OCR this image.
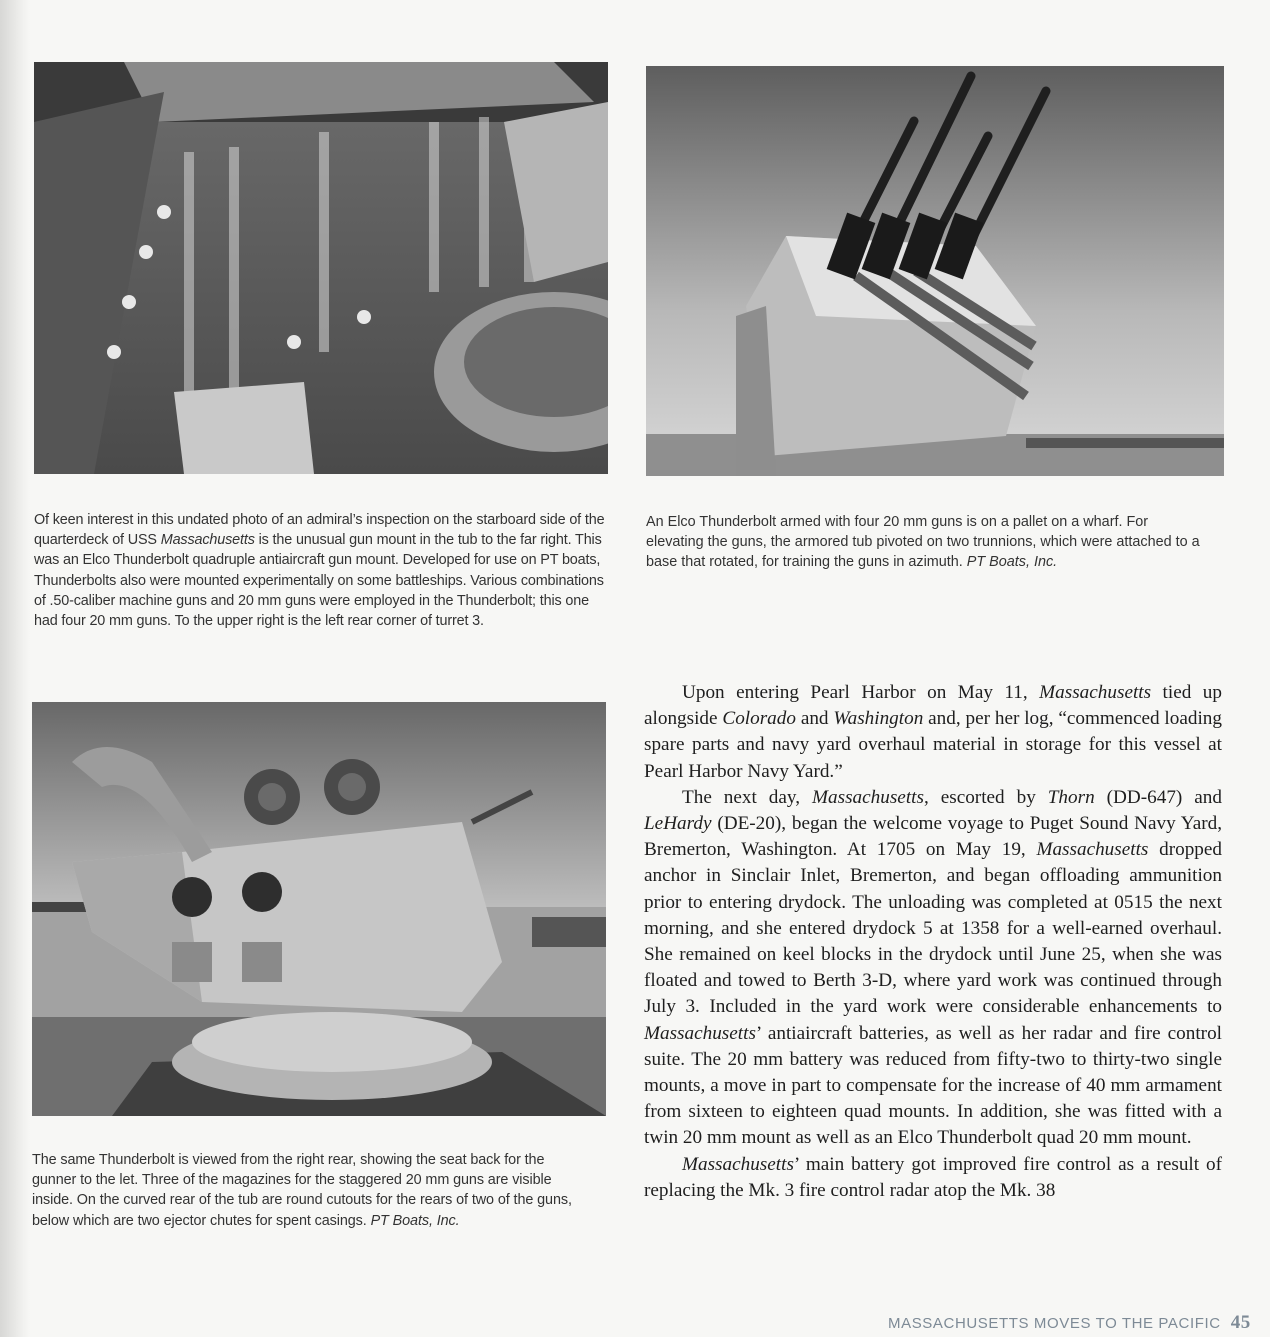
Of keen interest in this undated photo of an admiral’s inspection on the starboard side of the quarterdeck of USS Massachusetts is the unusual gun mount in the tub to the far right. This was an Elco Thunderbolt quadruple antiaircraft gun mount. Developed for use on PT boats, Thunderbolts also were mounted experimentally on some battleships. Various combinations of .50-caliber machine guns and 20 mm guns were employed in the Thunderbolt; this one had four 20 mm guns. To the upper right is the left rear corner of turret 3.

An Elco Thunderbolt armed with four 20 mm guns is on a pallet on a wharf. For elevating the guns, the armored tub pivoted on two trunnions, which were attached to a base that rotated, for training the guns in azimuth. PT Boats, Inc.

The same Thunderbolt is viewed from the right rear, showing the seat back for the gunner to the let. Three of the magazines for the staggered 20 mm guns are visible inside. On the curved rear of the tub are round cutouts for the rears of two of the guns, below which are two ejector chutes for spent casings. PT Boats, Inc.

Upon entering Pearl Harbor on May 11, Massachusetts tied up alongside Colorado and Washington and, per her log, “commenced loading spare parts and navy yard overhaul material in storage for this vessel at Pearl Harbor Navy Yard.”

The next day, Massachusetts, escorted by Thorn (DD-647) and LeHardy (DE-20), began the welcome voyage to Puget Sound Navy Yard, Bremerton, Washington. At 1705 on May 19, Massachusetts dropped anchor in Sinclair Inlet, Bremerton, and began offloading ammunition prior to entering drydock. The unloading was completed at 0515 the next morning, and she entered drydock 5 at 1358 for a well-earned overhaul. She remained on keel blocks in the drydock until June 25, when she was floated and towed to Berth 3-D, where yard work was continued through July 3. Included in the yard work were considerable enhancements to Massachusetts’ antiaircraft batteries, as well as her radar and fire control suite. The 20 mm battery was reduced from fifty-two to thirty-two single mounts, a move in part to compensate for the increase of 40 mm armament from sixteen to eighteen quad mounts. In addition, she was fitted with a twin 20 mm mount as well as an Elco Thunderbolt quad 20 mm mount.

Massachusetts’ main battery got improved fire control as a result of replacing the Mk. 3 fire control radar atop the Mk. 38

MASSACHUSETTS MOVES TO THE PACIFIC 45
